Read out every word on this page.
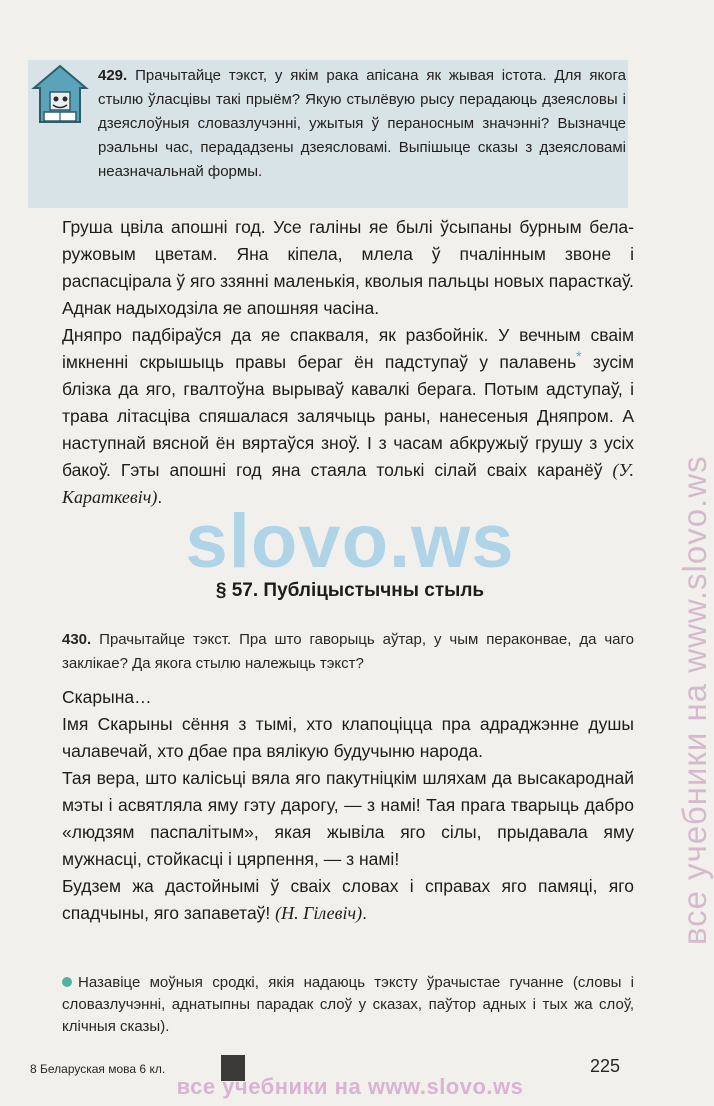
429. Прачытайце тэкст, у якім рака апісана як жывая істота. Для якога стылю ўласцівы такі прыём? Якую стылёвую рысу перадаюць дзеясловы і дзеяслоўныя словазлучэнні, ужытыя ў пераносным значэнні? Вызначце рэальны час, перададзены дзеясловамі. Выпішыце сказы з дзеясловамі неазначальнай формы.

Груша цвіла апошні год. Усе галіны яе былі ўсыпаны бурным бела-ружовым цветам. Яна кіпела, млела ў пчалінным звоне і распасцірала ў яго ззянні маленькія, кволыя пальцы новых парасткаў.

Аднак надыходзіла яе апошняя часіна.

Дняпро падбіраўся да яе спакваля, як разбойнік. У вечным сваім імкненні скрышыць правы бераг ён падступаў у палавень* зусім блізка да яго, гвалтоўна вырываў кавалкі берага. Потым адступаў, і трава літасціва спяшалася залячыць раны, нанесеныя Дняпром. А наступнай вясной ён вяртаўся зноў. І з часам абкружыў грушу з усіх бакоў. Гэты апошні год яна стаяла толькі сілай сваіх каранёў (У. Караткевіч).

§ 57. Публіцыстычны стыль
430. Прачытайце тэкст. Пра што гаворыць аўтар, у чым пераконвае, да чаго заклікае? Да якога стылю належыць тэкст?

Скарына…

Імя Скарыны сёння з тымі, хто клапоціцца пра адраджэнне душы чалавечай, хто дбае пра вялікую будучыню народа.

Тая вера, што калісьці вяла яго пакутніцкім шляхам да высакароднай мэты і асвятляла яму гэту дарогу, — з намі! Тая прага тварыць дабро «людзям паспалітым», якая жывіла яго сілы, прыдавала яму мужнасці, стойкасці і цярпення, — з намі!

Будзем жа дастойнымі ў сваіх словах і справах яго памяці, яго спадчыны, яго запаветаў! (Н. Гілевіч).

Назавіце моўныя сродкі, якія надаюць тэксту ўрачыстае гучанне (словы і словазлучэнні, аднатыпны парадак слоў у сказах, паўтор адных і тых жа слоў, клічныя сказы).
8 Беларуская мова 6 кл.	225
slovo.ws	все учебники на www.slovo.ws
все учебники на www.slovo.ws
